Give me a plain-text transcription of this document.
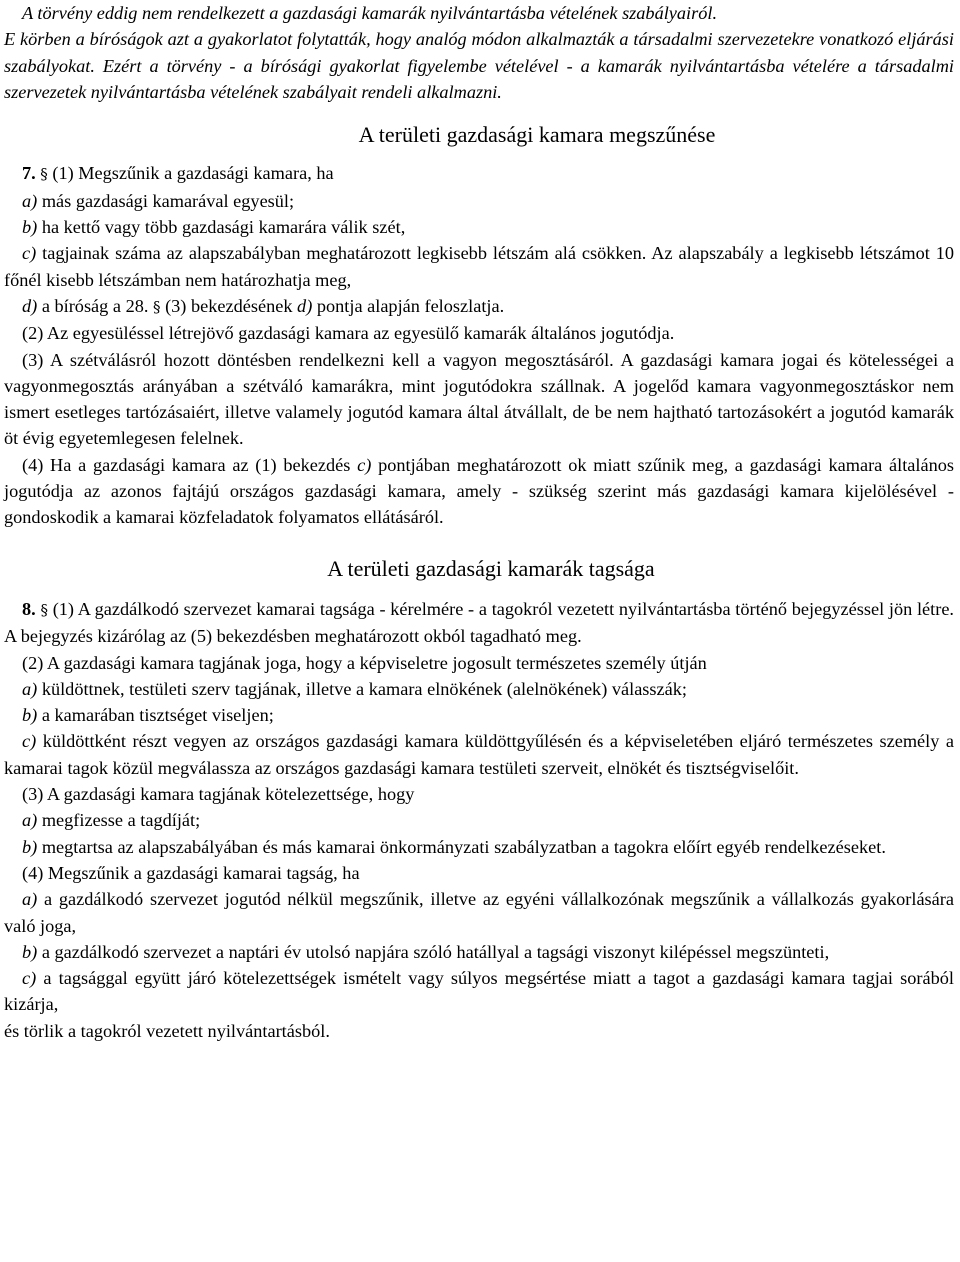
A törvény eddig nem rendelkezett a gazdasági kamarák nyilvántartásba vételének szabályairól.

E körben a bíróságok azt a gyakorlatot folytatták, hogy analóg módon alkalmazták a társadalmi szervezetekre vonatkozó eljárási szabályokat. Ezért a törvény - a bírósági gyakorlat figyelembe vételével - a kamarák nyilvántartásba vételére a társadalmi szervezetek nyilvántartásba vételének szabályait rendeli alkalmazni.

A területi gazdasági kamara megszűnése

7. § (1) Megszűnik a gazdasági kamara, ha

a) más gazdasági kamarával egyesül;

b) ha kettő vagy több gazdasági kamarára válik szét,

c) tagjainak száma az alapszabályban meghatározott legkisebb létszám alá csökken. Az alapszabály a legkisebb létszámot 10 főnél kisebb létszámban nem határozhatja meg,

d) a bíróság a 28. § (3) bekezdésének d) pontja alapján feloszlatja.

(2) Az egyesüléssel létrejövő gazdasági kamara az egyesülő kamarák általános jogutódja.

(3) A szétválásról hozott döntésben rendelkezni kell a vagyon megosztásáról. A gazdasági kamara jogai és kötelességei a vagyonmegosztás arányában a szétváló kamarákra, mint jogutódokra szállnak. A jogelőd kamara vagyonmegosztáskor nem ismert esetleges tartózásaiért, illetve valamely jogutód kamara által átvállalt, de be nem hajtható tartozásokért a jogutód kamarák öt évig egyetemlegesen felelnek.

(4) Ha a gazdasági kamara az (1) bekezdés c) pontjában meghatározott ok miatt szűnik meg, a gazdasági kamara általános jogutódja az azonos fajtájú országos gazdasági kamara, amely - szükség szerint más gazdasági kamara kijelölésével - gondoskodik a kamarai közfeladatok folyamatos ellátásáról.

A területi gazdasági kamarák tagsága

8. § (1) A gazdálkodó szervezet kamarai tagsága - kérelmére - a tagokról vezetett nyilvántartásba történő bejegyzéssel jön létre. A bejegyzés kizárólag az (5) bekezdésben meghatározott okból tagadható meg.

(2) A gazdasági kamara tagjának joga, hogy a képviseletre jogosult természetes személy útján

a) küldöttnek, testületi szerv tagjának, illetve a kamara elnökének (alelnökének) válasszák;

b) a kamarában tisztséget viseljen;

c) küldöttként részt vegyen az országos gazdasági kamara küldöttgyűlésén és a képviseletében eljáró természetes személy a kamarai tagok közül megválassza az országos gazdasági kamara testületi szerveit, elnökét és tisztségviselőit.

(3) A gazdasági kamara tagjának kötelezettsége, hogy

a) megfizesse a tagdíját;

b) megtartsa az alapszabályában és más kamarai önkormányzati szabályzatban a tagokra előírt egyéb rendelkezéseket.

(4) Megszűnik a gazdasági kamarai tagság, ha

a) a gazdálkodó szervezet jogutód nélkül megszűnik, illetve az egyéni vállalkozónak megszűnik a vállalkozás gyakorlására való joga,

b) a gazdálkodó szervezet a naptári év utolsó napjára szóló hatállyal a tagsági viszonyt kilépéssel megszünteti,

c) a tagsággal együtt járó kötelezettségek ismételt vagy súlyos megsértése miatt a tagot a gazdasági kamara tagjai sorából kizárja,

és törlik a tagokról vezetett nyilvántartásból.
